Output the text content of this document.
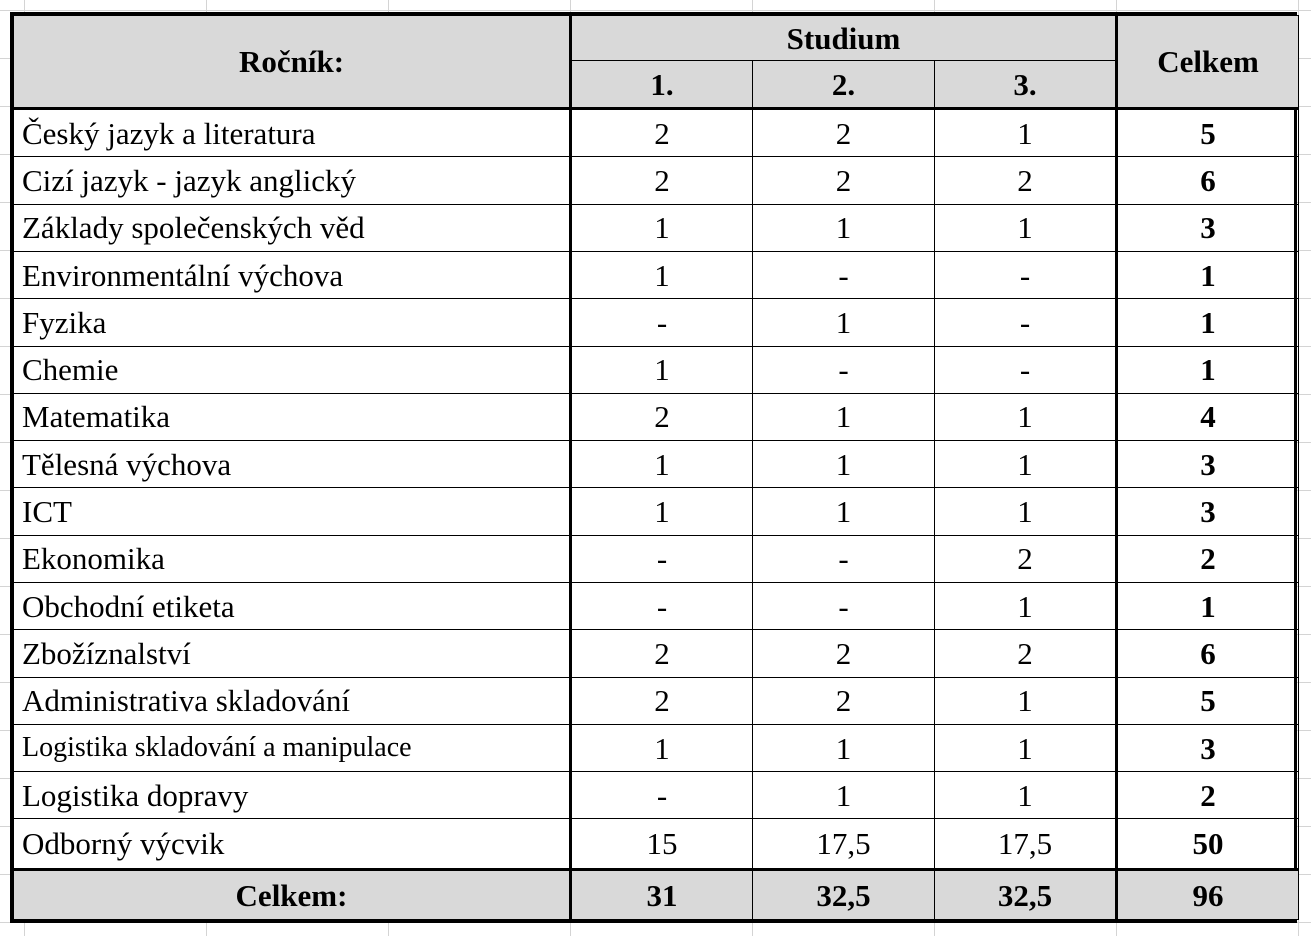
Ročník:	Studium			Celkem
	1.	2.	3.	
Český jazyk a literatura	2	2	1	5
Cizí jazyk - jazyk anglický	2	2	2	6
Základy společenských věd	1	1	1	3
Environmentální výchova	1	-	-	1
Fyzika	-	1	-	1
Chemie	1	-	-	1
Matematika	2	1	1	4
Tělesná výchova	1	1	1	3
ICT	1	1	1	3
Ekonomika	-	-	2	2
Obchodní etiketa	-	-	1	1
Zbožíznalství	2	2	2	6
Administrativa skladování	2	2	1	5
Logistika skladování a manipulace	1	1	1	3
Logistika dopravy	-	1	1	2
Odborný výcvik	15	17,5	17,5	50
Celkem:	31	32,5	32,5	96
